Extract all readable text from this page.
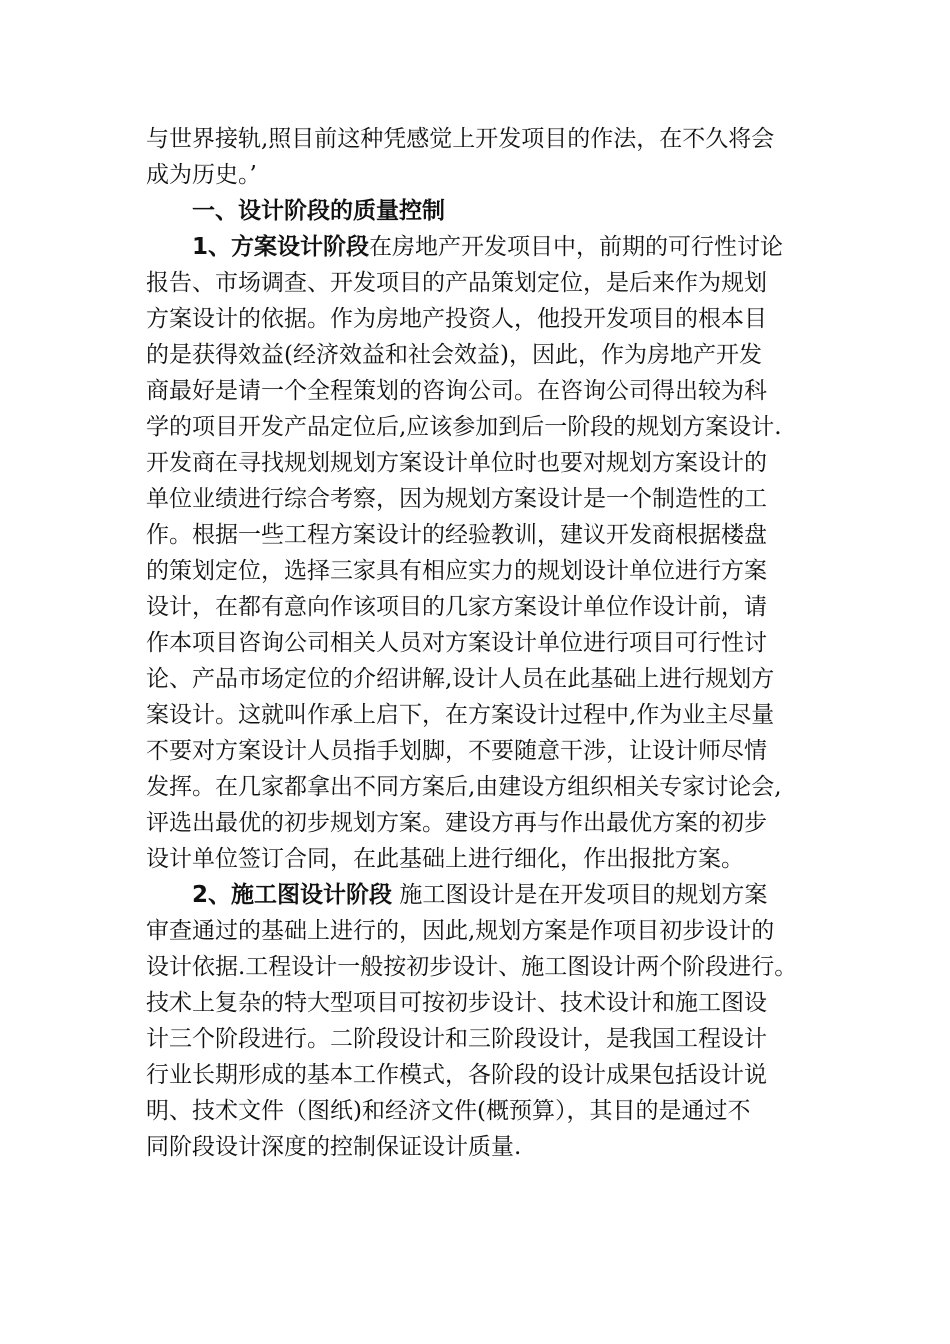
与世界接轨,照目前这种凭感觉上开发项目的作法，在不久将会
成为历史。’
一、设计阶段的质量控制
1、方案设计阶段在房地产开发项目中，前期的可行性讨论
报告、市场调查、开发项目的产品策划定位，是后来作为规划
方案设计的依据。作为房地产投资人，他投开发项目的根本目
的是获得效益(经济效益和社会效益)，因此，作为房地产开发
商最好是请一个全程策划的咨询公司。在咨询公司得出较为科
学的项目开发产品定位后,应该参加到后一阶段的规划方案设计.
开发商在寻找规划规划方案设计单位时也要对规划方案设计的
单位业绩进行综合考察，因为规划方案设计是一个制造性的工
作。根据一些工程方案设计的经验教训，建议开发商根据楼盘
的策划定位，选择三家具有相应实力的规划设计单位进行方案
设计，在都有意向作该项目的几家方案设计单位作设计前，请
作本项目咨询公司相关人员对方案设计单位进行项目可行性讨
论、产品市场定位的介绍讲解,设计人员在此基础上进行规划方
案设计。这就叫作承上启下，在方案设计过程中,作为业主尽量
不要对方案设计人员指手划脚，不要随意干涉，让设计师尽情
发挥。在几家都拿出不同方案后,由建设方组织相关专家讨论会,
评选出最优的初步规划方案。建设方再与作出最优方案的初步
设计单位签订合同，在此基础上进行细化，作出报批方案。
2、施工图设计阶段 施工图设计是在开发项目的规划方案
审查通过的基础上进行的，因此,规划方案是作项目初步设计的
设计依据.工程设计一般按初步设计、施工图设计两个阶段进行。
技术上复杂的特大型项目可按初步设计、技术设计和施工图设
计三个阶段进行。二阶段设计和三阶段设计，是我国工程设计
行业长期形成的基本工作模式，各阶段的设计成果包括设计说
明、技术文件（图纸)和经济文件(概预算），其目的是通过不
同阶段设计深度的控制保证设计质量.
